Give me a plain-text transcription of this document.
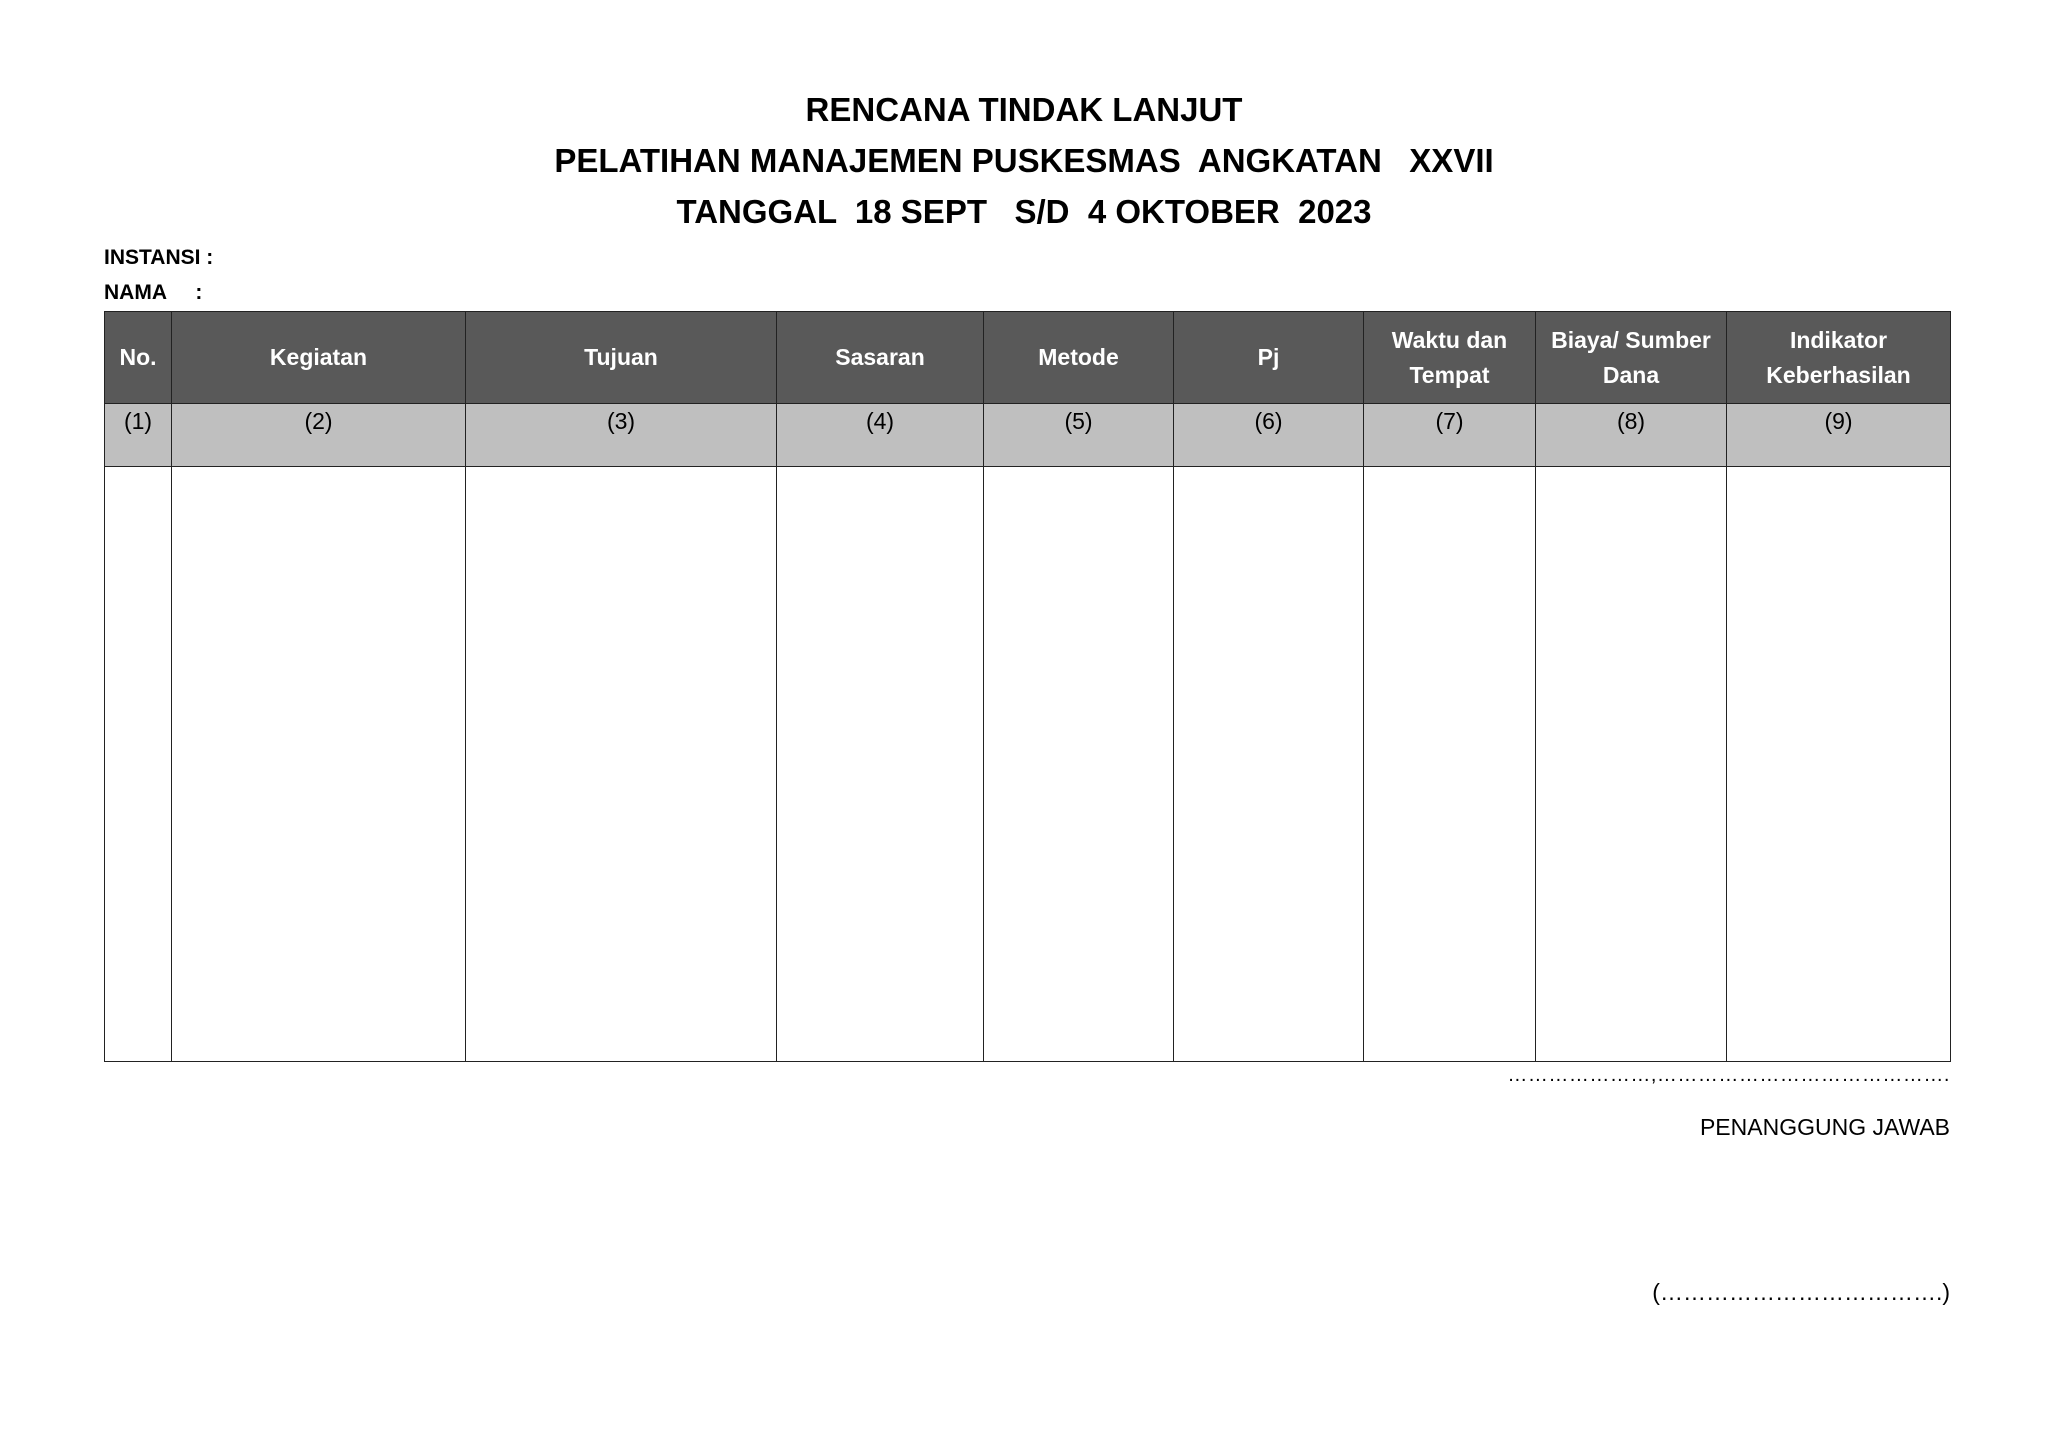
RENCANA TINDAK LANJUT
PELATIHAN MANAJEMEN PUSKESMAS  ANGKATAN   XXVII
TANGGAL  18 SEPT   S/D  4 OKTOBER  2023
INSTANSI :
NAMA     :
No.	Kegiatan	Tujuan	Sasaran	Metode	Pj	Waktu dan Tempat	Biaya/ Sumber Dana	Indikator Keberhasilan
(1)	(2)	(3)	(4)	(5)	(6)	(7)	(8)	(9)

…………………,…………………………………….
PENANGGUNG JAWAB
(……………………………….)
